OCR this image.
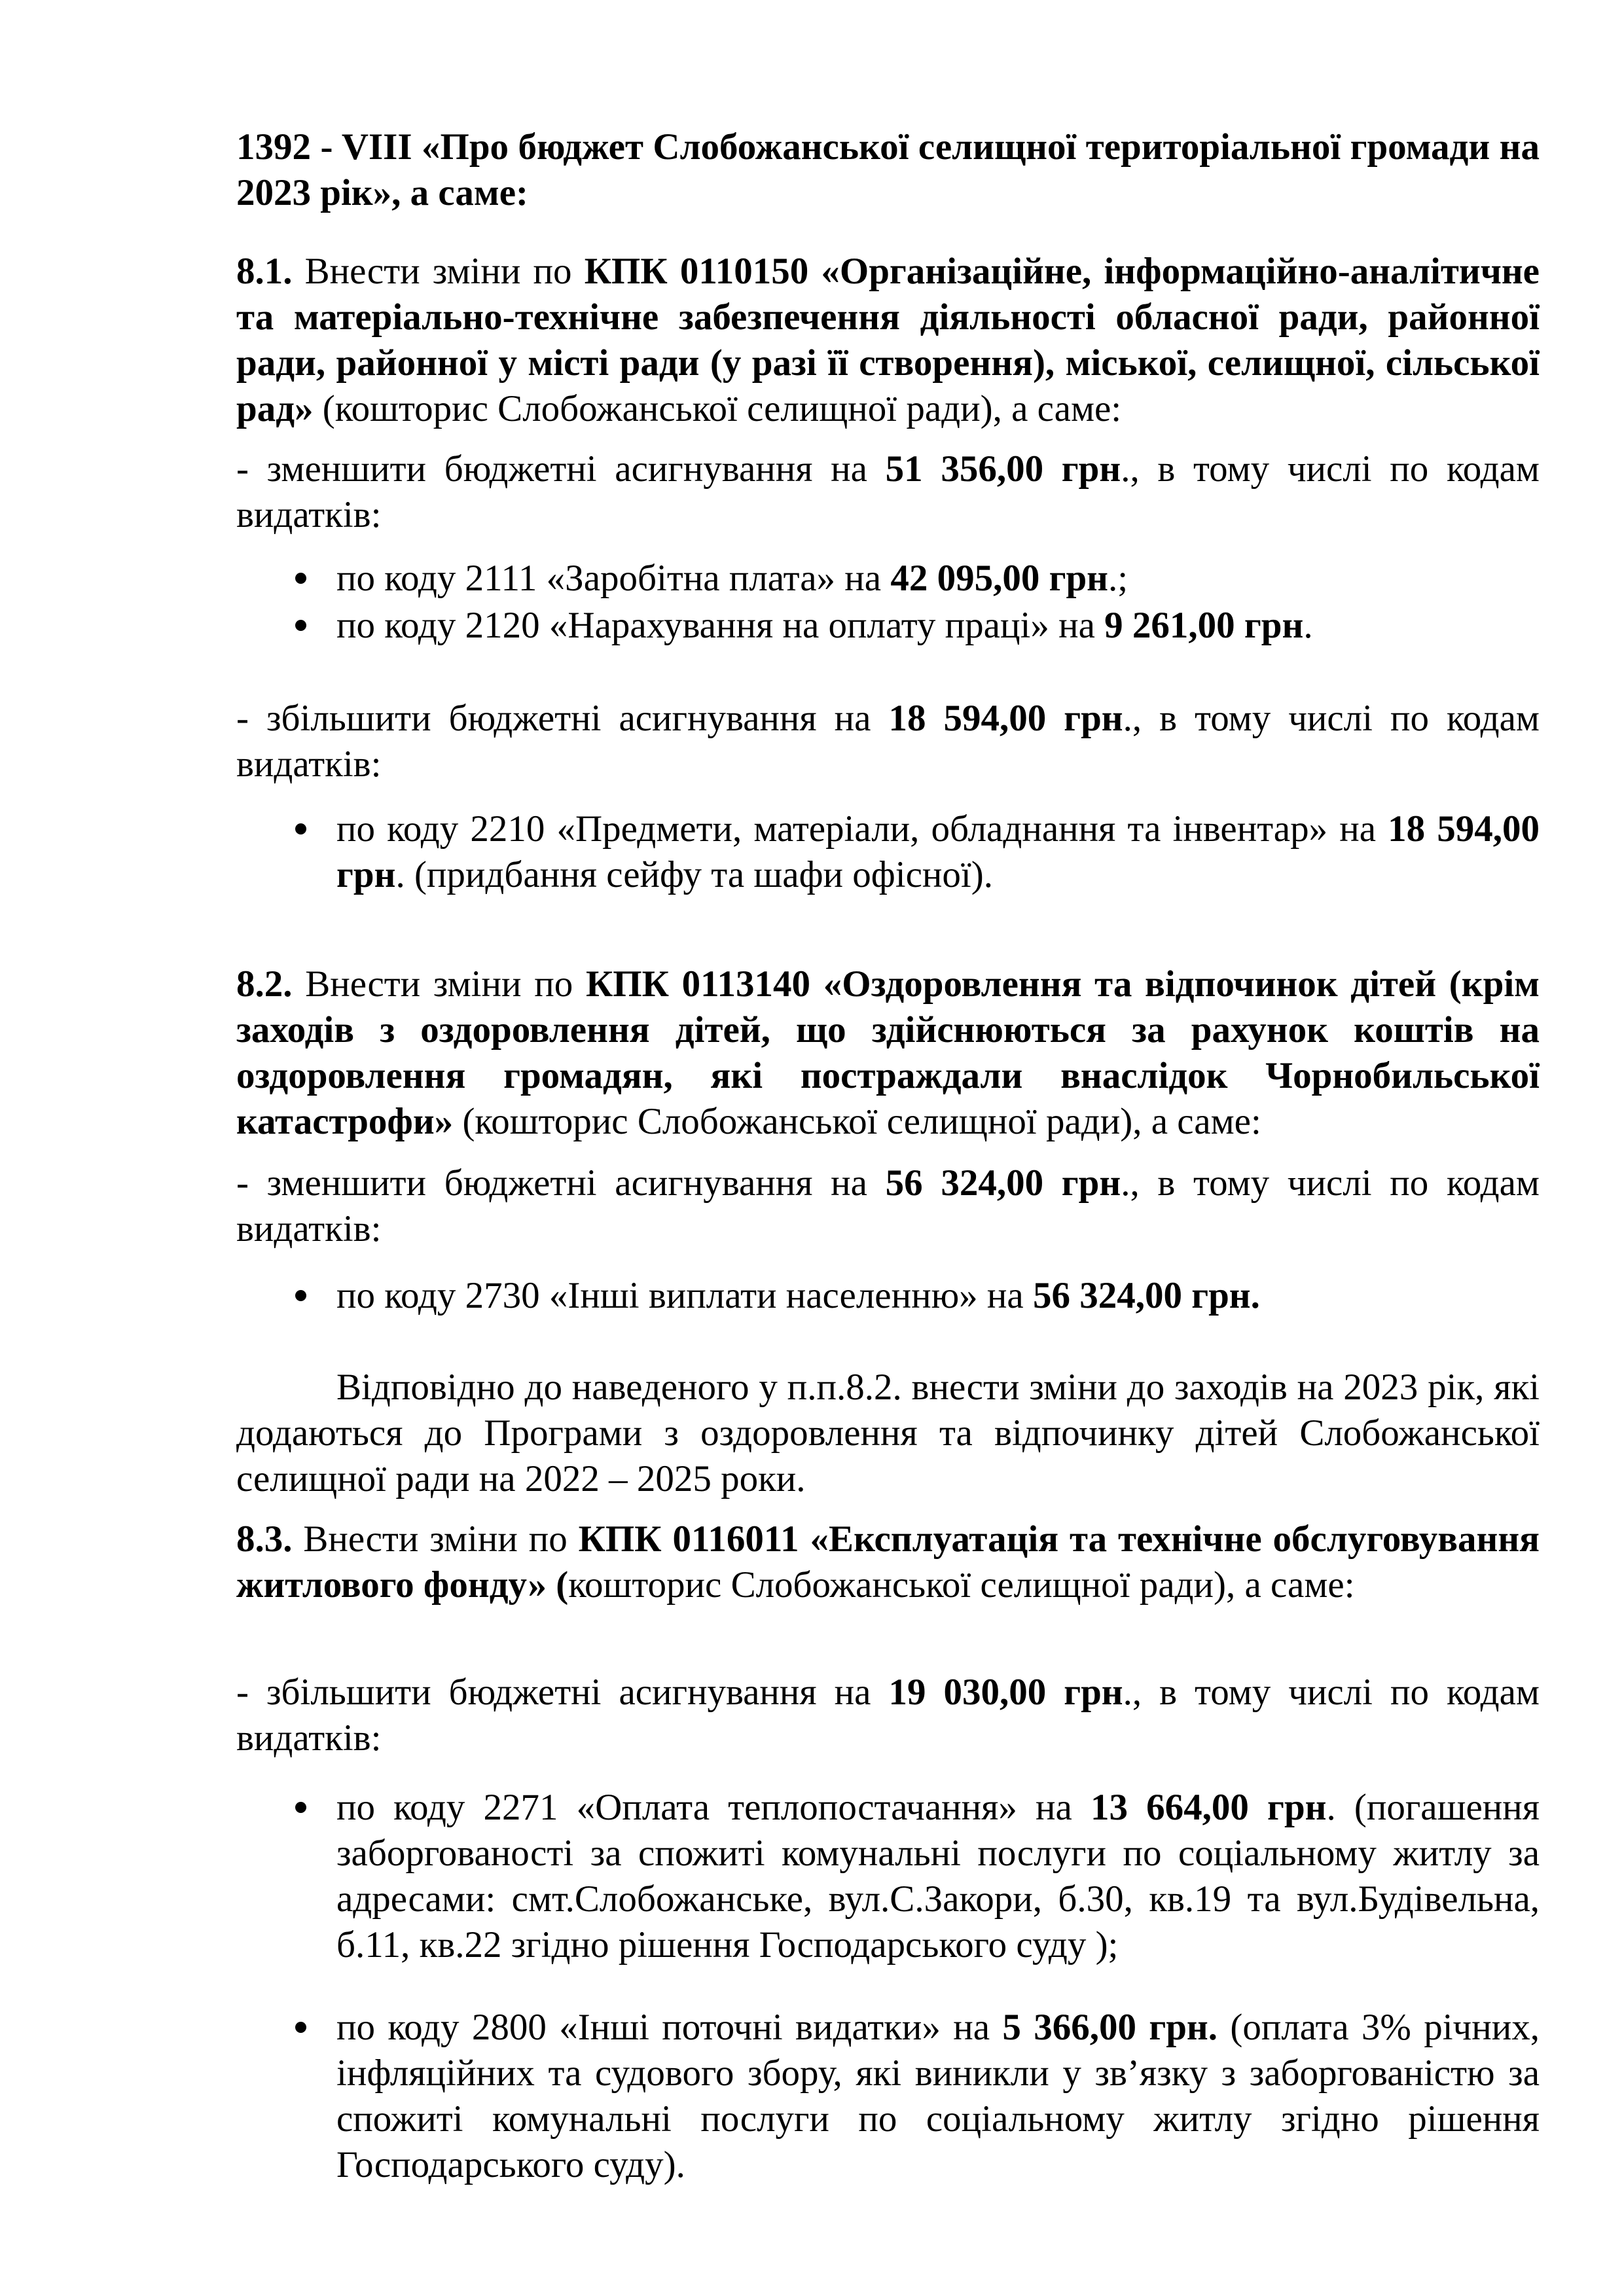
1392 - VIII «Про бюджет Слобожанської селищної територіальної громади на 2023 рік», а саме:
8.1. Внести зміни по КПК 0110150 «Організаційне, інформаційно-аналітичне та матеріально-технічне забезпечення діяльності обласної ради, районної ради, районної у місті ради (у разі її створення), міської, селищної, сільської рад» (кошторис Слобожанської селищної ради), а саме:
- зменшити бюджетні асигнування на 51 356,00 грн., в тому числі по кодам видатків:
по коду 2111 «Заробітна плата» на 42 095,00 грн.;
по коду 2120 «Нарахування на оплату праці» на 9 261,00 грн.
- збільшити бюджетні асигнування на 18 594,00 грн., в тому числі по кодам видатків:
по коду 2210 «Предмети, матеріали, обладнання та інвентар» на 18 594,00 грн. (придбання сейфу та шафи офісної).
8.2. Внести зміни по КПК 0113140 «Оздоровлення та відпочинок дітей (крім заходів з оздоровлення дітей, що здійснюються за рахунок коштів на оздоровлення громадян, які постраждали внаслідок Чорнобильської катастрофи» (кошторис Слобожанської селищної ради), а саме:
- зменшити бюджетні асигнування на 56 324,00 грн., в тому числі по кодам видатків:
по коду 2730 «Інші виплати населенню» на 56 324,00 грн.
Відповідно до наведеного у п.п.8.2. внести зміни до заходів на 2023 рік, які додаються до Програми з оздоровлення та відпочинку дітей Слобожанської селищної ради на 2022 – 2025 роки.
8.3. Внести зміни по КПК 0116011 «Експлуатація та технічне обслуговування житлового фонду» (кошторис Слобожанської селищної ради), а саме:
- збільшити бюджетні асигнування на 19 030,00 грн., в тому числі по кодам видатків:
по коду 2271 «Оплата теплопостачання» на 13 664,00 грн. (погашення заборгованості за спожиті комунальні послуги по соціальному житлу за адресами: смт.Слобожанське, вул.С.Закори, б.30, кв.19 та вул.Будівельна, б.11, кв.22 згідно рішення Господарського суду );
по коду 2800 «Інші поточні видатки» на 5 366,00 грн. (оплата 3% річних, інфляційних та судового збору, які виникли у зв’язку з заборгованістю за спожиті комунальні послуги по соціальному житлу згідно рішення Господарського суду).
